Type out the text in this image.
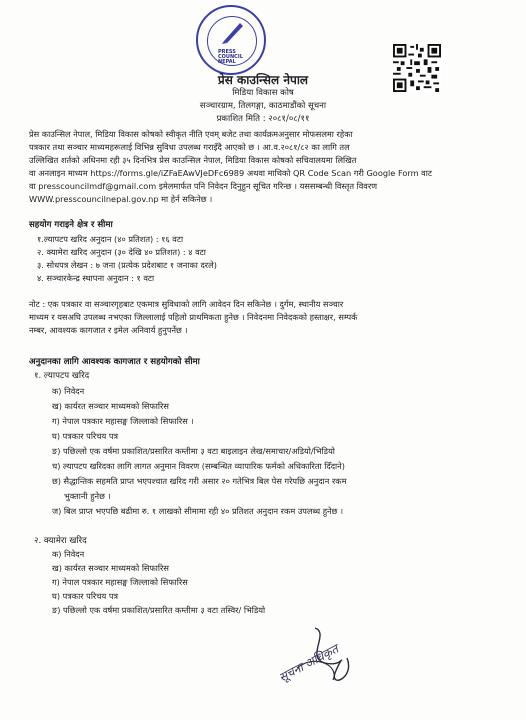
PRESS
COUNCIL
NEPAL
प्रेस काउन्सिल नेपाल
मिडिया विकास कोष
सञ्चारग्राम, तिलगङ्गा, काठमाडौंको सूचना
प्रकाशित मिति : २०८१/०८/११
प्रेस काउन्सिल नेपाल, मिडिया विकास कोषको स्वीकृत नीति एवम् बजेट तथा कार्यक्रमअनुसार मोफसलमा रहेका
पत्रकार तथा सञ्चार माध्यमहरूलाई विभिन्न सुविधा उपलब्ध गराइँदै आएको छ । आ.व.२०८१/८२ का लागि तल
उल्लिखित शर्तको अधिनमा रही ३५ दिनभित्र प्रेस काउन्सिल नेपाल, मिडिया विकास कोषको सचिवालयमा लिखित
वा अनलाइन माध्यम https://forms.gle/iZFaEAwVJeDFc6989 अथवा माथिको QR Code Scan गरी Google Form वाट
वा presscouncilmdf@gmail.com इमेलमार्फत पनि निवेदन दिनुहुन सूचित गरिन्छ । यससम्बन्धी विस्तृत विवरण
WWW.presscouncilnepal.gov.np मा हेर्न सकिनेछ ।
सहयोग गराइने क्षेत्र र सीमा
१.ल्यापटप खरिद अनुदान (४० प्रतिशत) : १६ वटा
२. क्यामेरा खरिद अनुदान (३० देखि ४० प्रतिशत) : ४ वटा
३. सोधपत्र लेखन : ७ जना (प्रत्येक प्रदेशबाट १ जनाका दरले)
४. सञ्चारकेन्द्र स्थापना अनुदान : १ वटा
नोट : एक पत्रकार वा सञ्चारगृहबाट एकमात्र सुविधाको लागि आवेदन दिन सकिनेछ । दुर्गम, स्थानीय सञ्चार
माध्यम र यसअघि उपलब्ध नभएका जिल्लालाई पहिलो प्राथमिकता हुनेछ । निवेदनमा निवेदकको हस्ताक्षर, सम्पर्क
नम्बर, आवश्यक कागजात र इमेल अनिवार्य हुनुपर्नेछ ।
अनुदानका लागि आवश्यक कागजात र सहयोगको सीमा
१. ल्यापटप खरिद
क) निवेदन
ख) कार्यरत सञ्चार माध्यमको सिफारिस
ग) नेपाल पत्रकार महासङ्घ जिल्लाको सिफारिस ।
घ) पत्रकार परिचय पत्र
ङ) पछिल्लो एक वर्षमा प्रकाशित/प्रसारित कम्तीमा ३ वटा बाइलाइन लेख/समाचार/अडियो/भिडियो
च) ल्यापटप खरिदका लागि लागत अनुमान विवरण (सम्बन्धित व्यापारिक फर्मको अधिकारिता दिँदाने)
छ) सैद्धान्तिक सहमति प्राप्त भएपश्चात खरिद गरी असार २० गतेभित्र बिल पेस गरेपछि अनुदान रकम
भुक्तानी हुनेछ ।
ज) बिल प्राप्त भएपछि बढीमा रु. १ लाखको सीमामा रही ४० प्रतिशत अनुदान रकम उपलब्ध हुनेछ ।
२. क्यामेरा खरिद
क) निवेदन
ख) कार्यरत सञ्चार माध्यमको सिफारिस
ग) नेपाल पत्रकार महासङ्घ जिल्लाको सिफारिस
घ) पत्रकार परिचय पत्र
ङ) पछिल्लो एक वर्षमा प्रकाशित/प्रसारित कम्तीमा ३ वटा तस्विर/ भिडियो
सूचना अधिकृत
